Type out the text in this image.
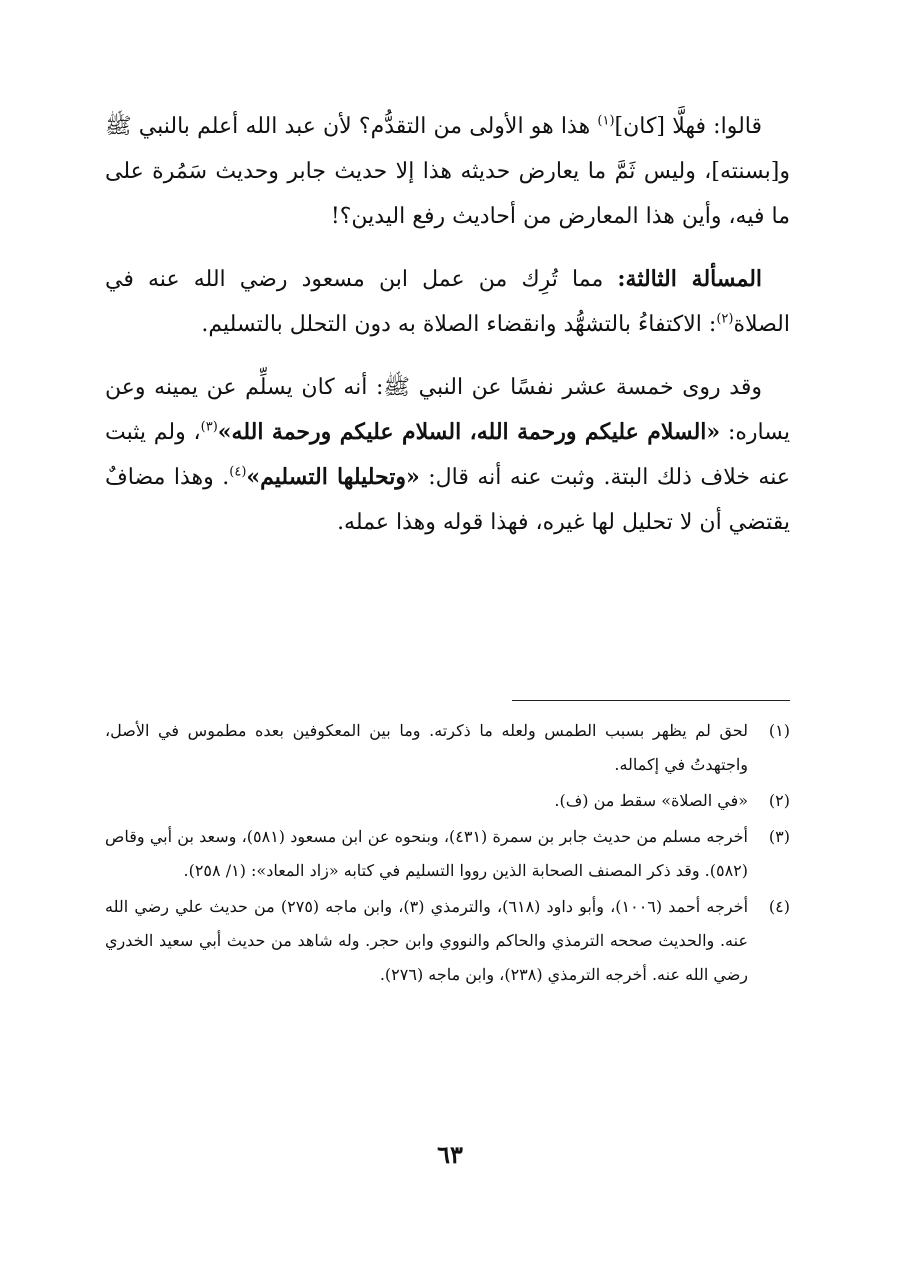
قالوا: فهلَّا [كان]$^{(١)}$ هذا هو الأولى من التقدُّم؟ لأن عبد الله أعلم بالنبي ﷺ و[بسنته]، وليس ثَمَّ ما يعارض حديثه هذا إلا حديث جابر وحديث سَمُرة على ما فيه، وأين هذا المعارض من أحاديث رفع اليدين؟!

المسألة الثالثة: مما تُرِك من عمل ابن مسعود رضي الله عنه في الصلاة$^{(٢)}$: الاكتفاءُ بالتشهُّد وانقضاء الصلاة به دون التحلل بالتسليم.

وقد روى خمسة عشر نفسًا عن النبي ﷺ: أنه كان يسلِّم عن يمينه وعن يساره: «السلام عليكم ورحمة الله، السلام عليكم ورحمة الله»$^{(٣)}$، ولم يثبت عنه خلاف ذلك البتة. وثبت عنه أنه قال: «وتحليلها التسليم»$^{(٤)}$. وهذا مضافٌ يقتضي أن لا تحليل لها غيره، فهذا قوله وهذا عمله.

(١)
لحق لم يظهر بسبب الطمس ولعله ما ذكرته. وما بين المعكوفين بعده مطموس في الأصل، واجتهدتُ في إكماله.
(٢)
«في الصلاة» سقط من (ف).
(٣)
أخرجه مسلم من حديث جابر بن سمرة (٤٣١)، وبنحوه عن ابن مسعود (٥٨١)، وسعد بن أبي وقاص (٥٨٢). وقد ذكر المصنف الصحابة الذين رووا التسليم في كتابه «زاد المعاد»: (١/ ٢٥٨).
(٤)
أخرجه أحمد (١٠٠٦)، وأبو داود (٦١٨)، والترمذي (٣)، وابن ماجه (٢٧٥) من حديث علي رضي الله عنه. والحديث صححه الترمذي والحاكم والنووي وابن حجر. وله شاهد من حديث أبي سعيد الخدري رضي الله عنه. أخرجه الترمذي (٢٣٨)، وابن ماجه (٢٧٦).
٦٣
